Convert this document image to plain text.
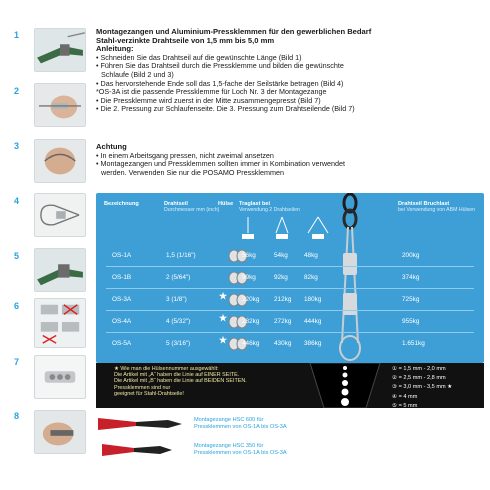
1
2
3
4
5
6
7
8
Montagezangen und Aluminium-Pressklemmen für den gewerblichen Bedarf
Stahl-verzinkte Drahtseile von 1,5 mm bis 5,0 mm
Anleitung:
• Schneiden Sie das Drahtseil auf die gewünschte Länge (Bild 1)
• Führen Sie das Drahtseil durch die Pressklemme und bilden die gewünschte
Schlaufe (Bild 2 und 3)
• Das hervorstehende Ende soll das 1,5-fache der Seilstärke betragen (Bild 4)
*OS-3A ist die passende Pressklemme für Loch Nr. 3 der Montagezange
• Die Pressklemme wird zuerst in der Mitte zusammengepresst (Bild 7)
• Die 2. Pressung zur Schlaufenseite. Die 3. Pressung zum Drahtseilende (Bild 7)
Achtung
• In einem Arbeitsgang pressen, nicht zweimal ansetzen
• Montagezangen und Pressklemmen sollten immer in Kombination verwendet
werden. Verwenden Sie nur die POSAMO Pressklemmen
Bezeichnung	Drahtseil
Durchmesser mm (inch)
Hülse Traglast bei
Verwendung 2 Drahtseilen
Drahtseil Bruchlast
bei Verwendung von ABM Hülsen
OS-1A	1,5 (1/16")	56kg	54kg	48kg	200kg
OS-1B	2 (5/64")	99kg	92kg	82kg	374kg
OS-3A	3 (1/8")	★ 220kg 212kg 180kg	725kg
OS-4A	4 (5/32")	★ 282kg 272kg 444kg	955kg
OS-5A	5 (3/16")	★ 446kg 430kg 386kg	1.651kg
★ Wie man die Hülsennummer ausgewählt:
Die Artikel mit „A“ haben die Linie auf EINER SEITE.
Die Artikel mit „B“ haben die Linie auf BEIDEN SEITEN.
Pressklemmen sind nur
geeignet für Stahl-Drahtseile!
① = 1,5 mm - 2,0 mm
② = 2,5 mm - 2,8 mm
③ = 3,0 mm - 3,5 mm ★
④ = 4 mm
⑤ = 5 mm
Montagezange HSC 600 für
Pressklemmen von OS-1A bis OS-3A
Montagezange HSC 350 für
Pressklemmen von OS-1A bis OS-3A
